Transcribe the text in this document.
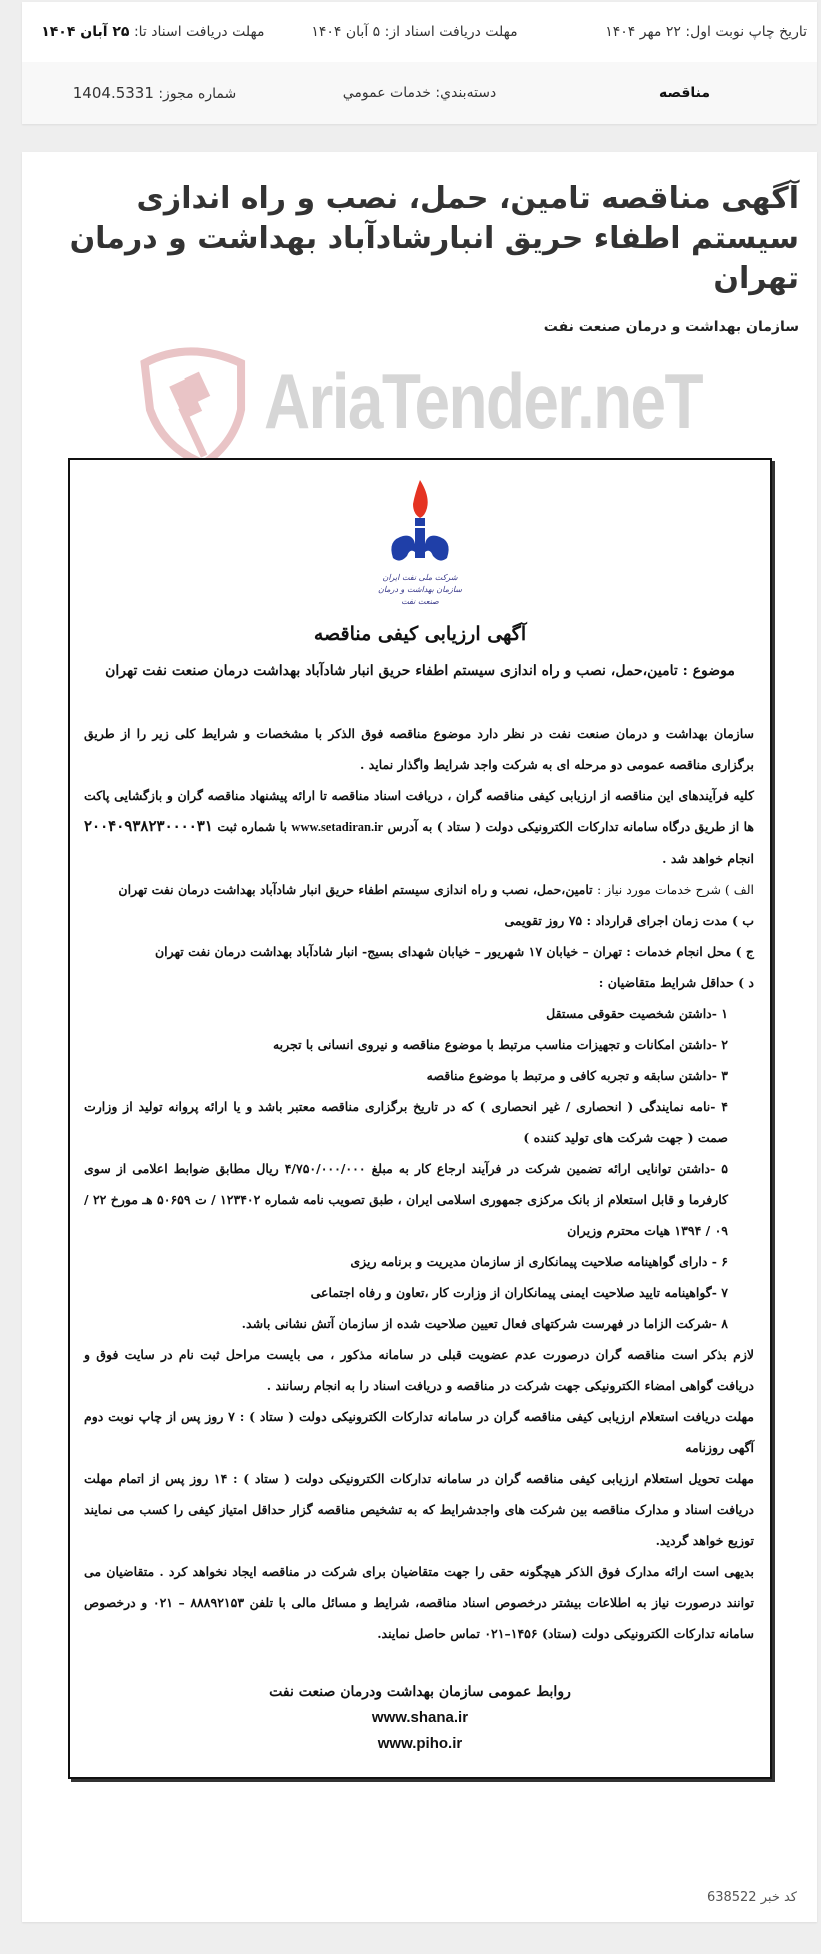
تاریخ چاپ نوبت اول: ۲۲ مهر ۱۴۰۴
مهلت دریافت اسناد از: ۵ آبان ۱۴۰۴
مهلت دریافت اسناد تا: ۲۵ آبان ۱۴۰۴
مناقصه
دسته‌بندي: خدمات عمومي
شماره مجوز: 1404.5331
آگهی مناقصه تامین، حمل، نصب و راه اندازی سیستم اطفاء حریق انبارشادآباد بهداشت و درمان تهران
سازمان بهداشت و درمان صنعت نفت
AriaTender.neT
کد خبر 638522
شرکت ملی نفت ایران
سازمان بهداشت و درمان صنعت نفت
آگهی ارزیابی کیفی مناقصه
موضوع : تامین،حمل، نصب و راه اندازی سیستم اطفاء حریق انبار شادآباد بهداشت درمان صنعت نفت تهران

سازمان بهداشت و درمان صنعت نفت در نظر دارد موضوع مناقصه فوق الذکر با مشخصات و شرایط کلی زیر را از طریق برگزاری مناقصه عمومی دو مرحله ای به شرکت واجد شرایط واگذار نماید .

کلیه فرآیندهای این مناقصه از ارزیابی کیفی مناقصه گران ، دریافت اسناد مناقصه تا ارائه پیشنهاد مناقصه گران و بازگشایی پاکت ها از طریق درگاه سامانه تدارکات الکترونیکی دولت ( ستاد ) به آدرس www.setadiran.ir با شماره ثبت ۲۰۰۴۰۹۳۸۲۳۰۰۰۰۳۱ انجام خواهد شد .

الف ) شرح خدمات مورد نیاز : تامین،حمل، نصب و راه اندازی سیستم اطفاء حریق انبار شادآباد بهداشت درمان نفت تهران

ب ) مدت زمان اجرای قرارداد : ۷۵ روز تقویمی

ج ) محل انجام خدمات : تهران – خیابان ۱۷ شهریور – خیابان شهدای بسیج- انبار شادآباد بهداشت درمان نفت تهران

د ) حداقل شرایط متقاضیان :

۱ -داشتن شخصیت حقوقی مستقل

۲ -داشتن امکانات و تجهیزات مناسب مرتبط با موضوع مناقصه و نیروی انسانی با تجربه

۳ -داشتن سابقه و تجربه کافی و مرتبط با موضوع مناقصه

۴ -نامه نمایندگی ( انحصاری / غیر انحصاری ) که در تاریخ برگزاری مناقصه معتبر باشد و یا ارائه پروانه تولید از وزارت صمت ( جهت شرکت های تولید کننده )

۵ -داشتن توانایی ارائه تضمین شرکت در فرآیند ارجاع کار به مبلغ ۴/۷۵۰/۰۰۰/۰۰۰ ریال مطابق ضوابط اعلامی از سوی کارفرما و قابل استعلام از بانک مرکزی جمهوری اسلامی ایران ، طبق تصویب نامه شماره ۱۲۳۴۰۲ / ت ۵۰۶۵۹ هـ مورخ ۲۲ / ۰۹ / ۱۳۹۴ هیات محترم وزیران

۶ - دارای گواهینامه صلاحیت پیمانکاری از سازمان مدیریت و برنامه ریزی

۷ -گواهینامه تایید صلاحیت ایمنی پیمانکاران از وزارت کار ،تعاون و رفاه اجتماعی

۸ -شرکت الزاما در فهرست شرکتهای فعال تعیین صلاحیت شده از سازمان آتش نشانی باشد.

لازم بذکر است مناقصه گران درصورت عدم عضویت قبلی در سامانه مذکور ، می بایست مراحل ثبت نام در سایت فوق و دریافت گواهی امضاء الکترونیکی جهت شرکت در مناقصه و دریافت اسناد را به انجام رسانند .

مهلت دریافت استعلام ارزیابی کیفی مناقصه گران در سامانه تدارکات الکترونیکی دولت ( ستاد ) : ۷ روز پس از چاپ نوبت دوم آگهی روزنامه

مهلت تحویل استعلام ارزیابی کیفی مناقصه گران در سامانه تدارکات الکترونیکی دولت ( ستاد ) : ۱۴ روز پس از اتمام مهلت دریافت اسناد و مدارک مناقصه بین شرکت های واجدشرایط که به تشخیص مناقصه گزار حداقل امتیاز کیفی را کسب می نمایند توزیع خواهد گردید.

بدیهی است ارائه مدارک فوق الذکر هیچگونه حقی را جهت متقاضیان برای شرکت در مناقصه ایجاد نخواهد کرد . متقاضیان می توانند درصورت نیاز به اطلاعات بیشتر درخصوص اسناد مناقصه، شرایط و مسائل مالی با تلفن ۸۸۸۹۲۱۵۳ – ۰۲۱ و درخصوص سامانه تدارکات الکترونیکی دولت (ستاد) ۱۴۵۶–۰۲۱ تماس حاصل نمایند.

روابط عمومی سازمان بهداشت ودرمان صنعت نفت
www.shana.ir
www.piho.ir
